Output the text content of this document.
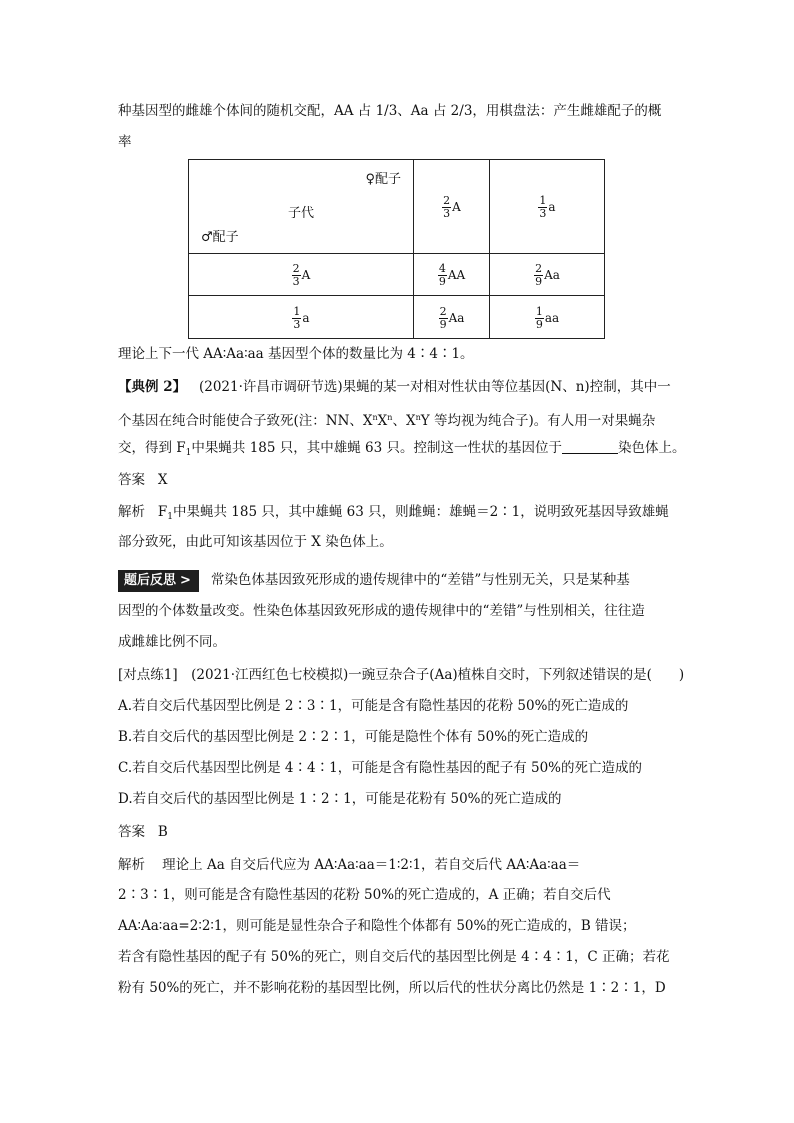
种基因型的雌雄个体间的随机交配，AA 占 1/3、Aa 占 2/3，用棋盘法：产生雌雄配子的概
率
♀配子
子代
♂配子	$\frac{2}{3}$ A	$\frac{1}{3}$ a

$\frac{2}{3}$ A	$\frac{4}{9}$ AA	$\frac{2}{9}$ Aa

$\frac{1}{3}$ a	$\frac{2}{9}$ Aa	$\frac{1}{9}$ aa
理论上下一代 AA∶Aa∶aa 基因型个体的数量比为 4∶4∶1。
【典例 2】 (2021·许昌市调研节选)果蝇的某一对相对性状由等位基因(N、n)控制，其中一
个基因在纯合时能使合子致死(注：NN、$X^nX^n$、$X^nY$ 等均视为纯合子)。有人用一对果蝇杂
交，得到 $F_1$中果蝇共 185 只，其中雄蝇 63 只。控制这一性状的基因位于	染色体上。
答案 X
解析 $F_1$中果蝇共 185 只，其中雄蝇 63 只，则雌蝇：雄蝇＝2∶1，说明致死基因导致雄蝇
部分致死，由此可知该基因位于 X 染色体上。
题后反思 > 常染色体基因致死形成的遗传规律中的“差错”与性别无关，只是某种基
因型的个体数量改变。性染色体基因致死形成的遗传规律中的“差错”与性别相关，往往造
成雌雄比例不同。
[对点练1]　(2021·江西红色七校模拟)一豌豆杂合子(Aa)植株自交时，下列叙述错误的是(　　)
A.若自交后代基因型比例是 2∶3∶1，可能是含有隐性基因的花粉 50%的死亡造成的
B.若自交后代的基因型比例是 2∶2∶1，可能是隐性个体有 50%的死亡造成的
C.若自交后代基因型比例是 4∶4∶1，可能是含有隐性基因的配子有 50%的死亡造成的
D.若自交后代的基因型比例是 1∶2∶1，可能是花粉有 50%的死亡造成的
答案 B
解析 理论上 Aa 自交后代应为 AA∶Aa∶aa＝1∶2∶1，若自交后代 AA∶Aa∶aa＝
2∶3∶1，则可能是含有隐性基因的花粉 50%的死亡造成的，A 正确；若自交后代
AA∶Aa∶aa=2∶2∶1，则可能是显性杂合子和隐性个体都有 50%的死亡造成的，B 错误；
若含有隐性基因的配子有 50%的死亡，则自交后代的基因型比例是 4∶4∶1，C 正确；若花
粉有 50%的死亡，并不影响花粉的基因型比例，所以后代的性状分离比仍然是 1∶2∶1，D
